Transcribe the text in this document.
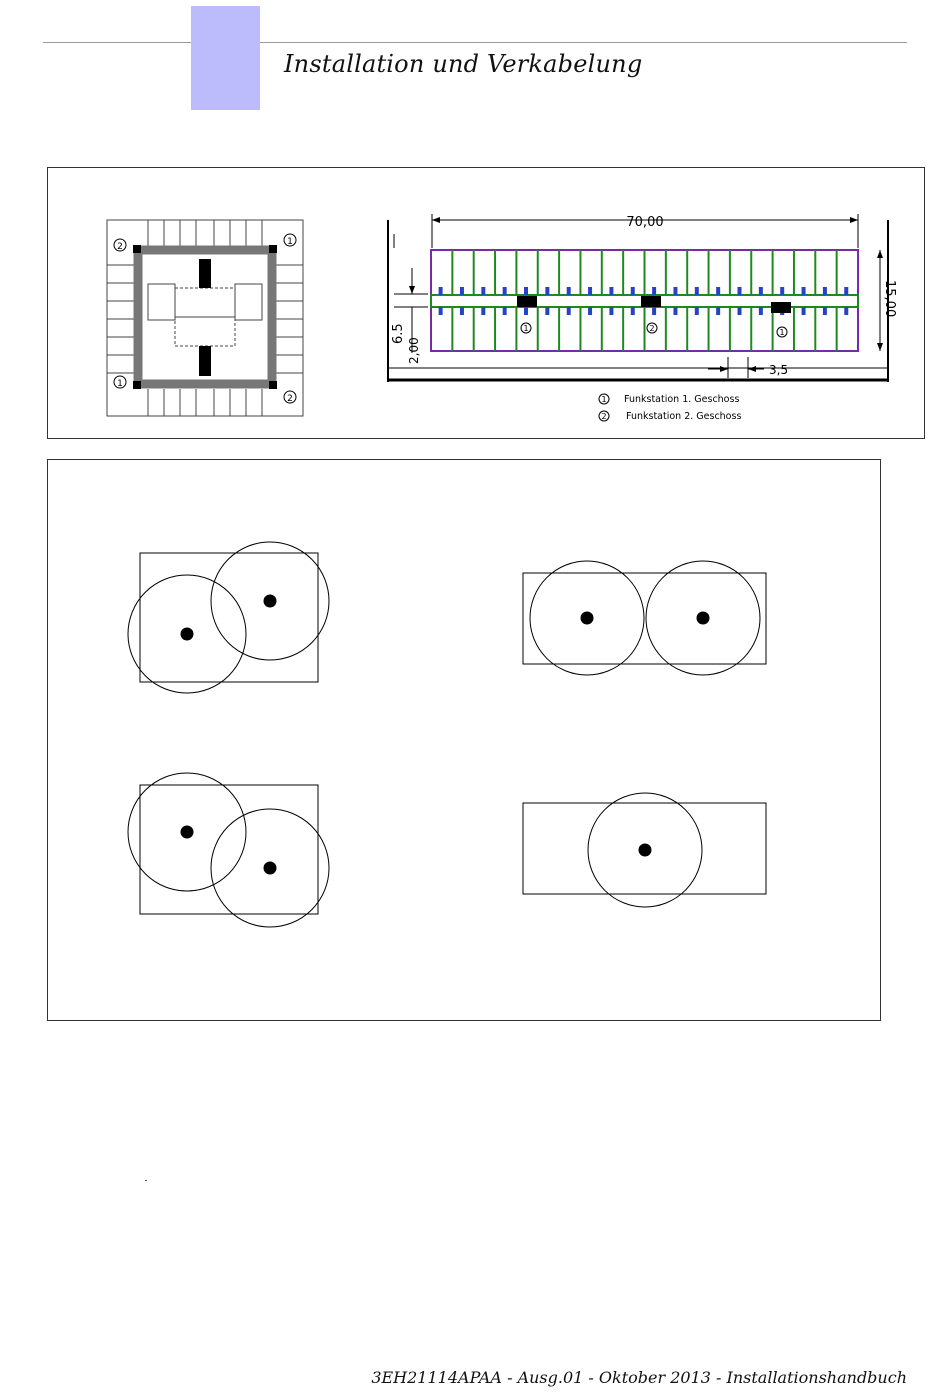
Installation und Verkabelung
2	1
1
2
70,00
1	2	1
6.5
2,00
15,00
3,5
1 Funkstation 1. Geschoss
2 Funkstation 2. Geschoss
3EH21114APAA - Ausg.01 - Oktober 2013 - Installationshandbuch
